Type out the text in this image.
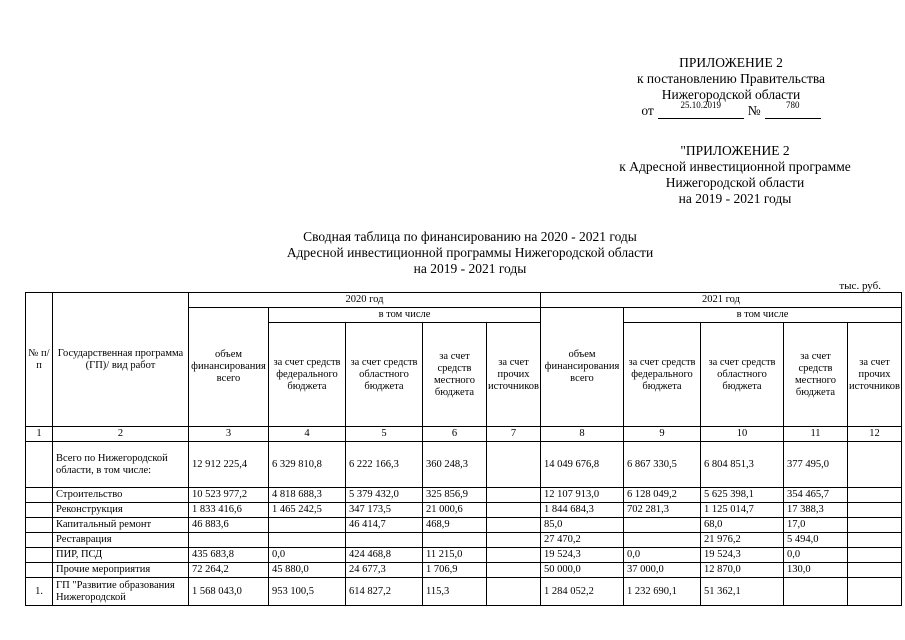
ПРИЛОЖЕНИЕ 2
к постановлению Правительства
Нижегородской области
от	25.10.2019	№	780
"ПРИЛОЖЕНИЕ 2
к Адресной инвестиционной программе
Нижегородской области
на 2019 - 2021 годы
Сводная таблица по финансированию на 2020 - 2021 годы
Адресной инвестиционной программы Нижегородской области
на 2019 - 2021 годы
тыс. руб.
№ п/п	Государственная программа (ГП)/ вид работ	2020 год					2021 год				
		объем финансирования всего	в том числе				объем финансирования всего	в том числе			
			за счет средств федерального бюджета	за счет средств областного бюджета	за счет средств местного бюджета	за счет прочих источников		за счет средств федерального бюджета	за счет средств областного бюджета	за счет средств местного бюджета	за счет прочих источников
1	2	3	4	5	6	7	8	9	10	11	12
	Всего по Нижегородской области, в том числе:	12 912 225,4	6 329 810,8	6 222 166,3	360 248,3		14 049 676,8	6 867 330,5	6 804 851,3	377 495,0	
	Строительство	10 523 977,2	4 818 688,3	5 379 432,0	325 856,9		12 107 913,0	6 128 049,2	5 625 398,1	354 465,7	
	Реконструкция	1 833 416,6	1 465 242,5	347 173,5	21 000,6		1 844 684,3	702 281,3	1 125 014,7	17 388,3	
	Капитальный ремонт	46 883,6		46 414,7	468,9		85,0		68,0	17,0	
	Реставрация						27 470,2		21 976,2	5 494,0	
	ПИР, ПСД	435 683,8	0,0	424 468,8	11 215,0		19 524,3	0,0	19 524,3	0,0	
	Прочие мероприятия	72 264,2	45 880,0	24 677,3	1 706,9		50 000,0	37 000,0	12 870,0	130,0	
1.	ГП "Развитие образования Нижегородской	1 568 043,0	953 100,5	614 827,2	115,3		1 284 052,2	1 232 690,1	51 362,1		
